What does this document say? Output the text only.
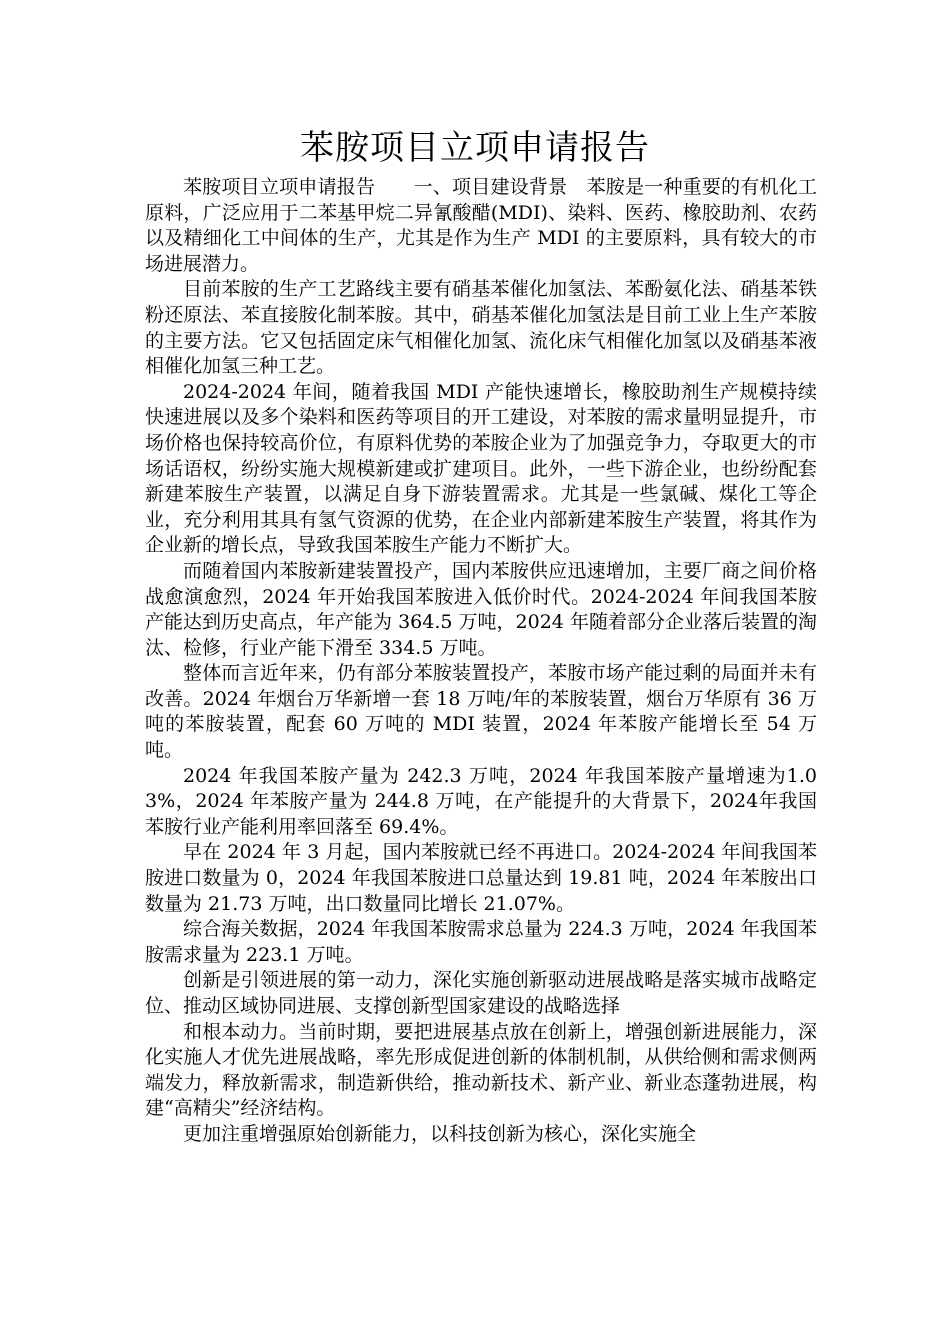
苯胺项目立项申请报告

苯胺项目立项申请报告　　一、项目建设背景　苯胺是一种重要的有机化工原料，广泛应用于二苯基甲烷二异氰酸醋(MDI)、染料、医药、橡胶助剂、农药以及精细化工中间体的生产，尤其是作为生产 MDI 的主要原料，具有较大的市场进展潜力。

目前苯胺的生产工艺路线主要有硝基苯催化加氢法、苯酚氨化法、硝基苯铁粉还原法、苯直接胺化制苯胺。其中，硝基苯催化加氢法是目前工业上生产苯胺的主要方法。它又包括固定床气相催化加氢、流化床气相催化加氢以及硝基苯液相催化加氢三种工艺。

2024-2024 年间，随着我国 MDI 产能快速增长，橡胶助剂生产规模持续快速进展以及多个染料和医药等项目的开工建设，对苯胺的需求量明显提升，市场价格也保持较高价位，有原料优势的苯胺企业为了加强竞争力，夺取更大的市场话语权，纷纷实施大规模新建或扩建项目。此外，一些下游企业，也纷纷配套新建苯胺生产装置，以满足自身下游装置需求。尤其是一些氯碱、煤化工等企业，充分利用其具有氢气资源的优势，在企业内部新建苯胺生产装置，将其作为企业新的增长点，导致我国苯胺生产能力不断扩大。

而随着国内苯胺新建装置投产，国内苯胺供应迅速增加，主要厂商之间价格战愈演愈烈，2024 年开始我国苯胺进入低价时代。2024-2024 年间我国苯胺产能达到历史高点，年产能为 364.5 万吨，2024 年随着部分企业落后装置的淘汰、检修，行业产能下滑至 334.5 万吨。

整体而言近年来，仍有部分苯胺装置投产，苯胺市场产能过剩的局面并未有改善。2024 年烟台万华新增一套 18 万吨/年的苯胺装置，烟台万华原有 36 万吨的苯胺装置，配套 60 万吨的 MDI 装置，2024 年苯胺产能增长至 54 万吨。

2024 年我国苯胺产量为 242.3 万吨，2024 年我国苯胺产量增速为1.03%，2024 年苯胺产量为 244.8 万吨，在产能提升的大背景下，2024年我国苯胺行业产能利用率回落至 69.4%。

早在 2024 年 3 月起，国内苯胺就已经不再进口。2024-2024 年间我国苯胺进口数量为 0，2024 年我国苯胺进口总量达到 19.81 吨，2024 年苯胺出口数量为 21.73 万吨，出口数量同比增长 21.07%。

综合海关数据，2024 年我国苯胺需求总量为 224.3 万吨，2024 年我国苯胺需求量为 223.1 万吨。

创新是引领进展的第一动力，深化实施创新驱动进展战略是落实城市战略定位、推动区域协同进展、支撑创新型国家建设的战略选择

和根本动力。当前时期，要把进展基点放在创新上，增强创新进展能力，深化实施人才优先进展战略，率先形成促进创新的体制机制，从供给侧和需求侧两端发力，释放新需求，制造新供给，推动新技术、新产业、新业态蓬勃进展，构建“高精尖”经济结构。

更加注重增强原始创新能力，以科技创新为核心，深化实施全
